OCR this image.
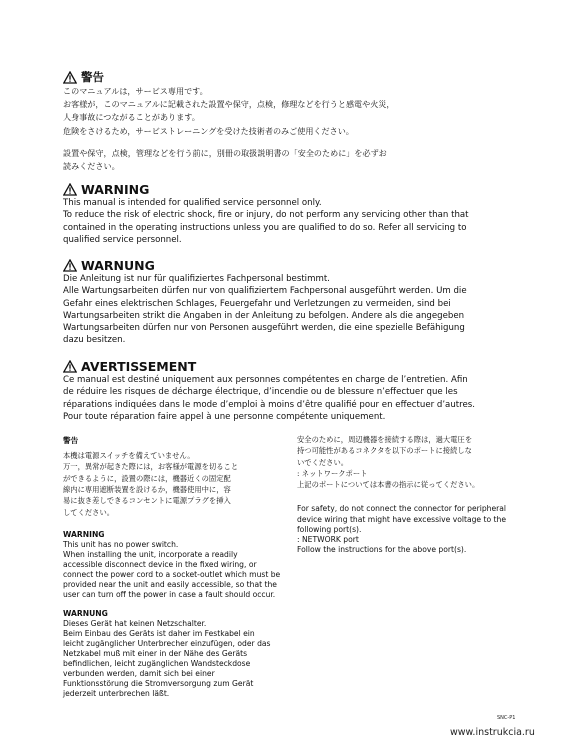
警告
このマニュアルは，サービス専用です。
お客様が，このマニュアルに記載された設置や保守，点検，修理などを行うと感電や火災，
人身事故につながることがあります。
危険をさけるため，サービストレーニングを受けた技術者のみご使用ください。
設置や保守，点検，管理などを行う前に，別冊の取扱説明書の「安全のために」を必ずお
読みください。
WARNING
This manual is intended for qualified service personnel only.
To reduce the risk of electric shock, fire or injury, do not perform any servicing other than that
contained in the operating instructions unless you are qualified to do so. Refer all servicing to
qualified service personnel.
WARNUNG
Die Anleitung ist nur für qualifiziertes Fachpersonal bestimmt.
Alle Wartungsarbeiten dürfen nur von qualifiziertem Fachpersonal ausgeführt werden. Um die
Gefahr eines elektrischen Schlages, Feuergefahr und Verletzungen zu vermeiden, sind bei
Wartungsarbeiten strikt die Angaben in der Anleitung zu befolgen. Andere als die angegeben
Wartungsarbeiten dürfen nur von Personen ausgeführt werden, die eine spezielle Befähigung
dazu besitzen.
AVERTISSEMENT
Ce manual est destiné uniquement aux personnes compétentes en charge de l’entretien. Afin
de réduire les risques de décharge électrique, d’incendie ou de blessure n’effectuer que les
réparations indiquées dans le mode d’emploi à moins d’être qualifié pour en effectuer d’autres.
Pour toute réparation faire appel à une personne compétente uniquement.
警告
本機は電源スイッチを備えていません。
万一，異常が起きた際には，お客様が電源を切ること
ができるように，設置の際には，機器近くの固定配
線内に専用遮断装置を設けるか，機器使用中に，容
易に抜き差しできるコンセントに電源プラグを挿入
してください。
WARNING
This unit has no power switch.
When installing the unit, incorporate a readily
accessible disconnect device in the fixed wiring, or
connect the power cord to a socket-outlet which must be
provided near the unit and easily accessible, so that the
user can turn off the power in case a fault should occur.
WARNUNG
Dieses Gerät hat keinen Netzschalter.
Beim Einbau des Geräts ist daher im Festkabel ein
leicht zugänglicher Unterbrecher einzufügen, oder das
Netzkabel muß mit einer in der Nähe des Geräts
befindlichen, leicht zugänglichen Wandsteckdose
verbunden werden, damit sich bei einer
Funktionsstörung die Stromversorgung zum Gerät
jederzeit unterbrechen läßt.
安全のために，周辺機器を接続する際は，過大電圧を
持つ可能性があるコネクタを以下のポートに接続しな
いでください。
: ネットワークポート
上記のポートについては本書の指示に従ってください。
For safety, do not connect the connector for peripheral
device wiring that might have excessive voltage to the
following port(s).
: NETWORK port
Follow the instructions for the above port(s).
SNC-P1
www.instrukcia.ru
